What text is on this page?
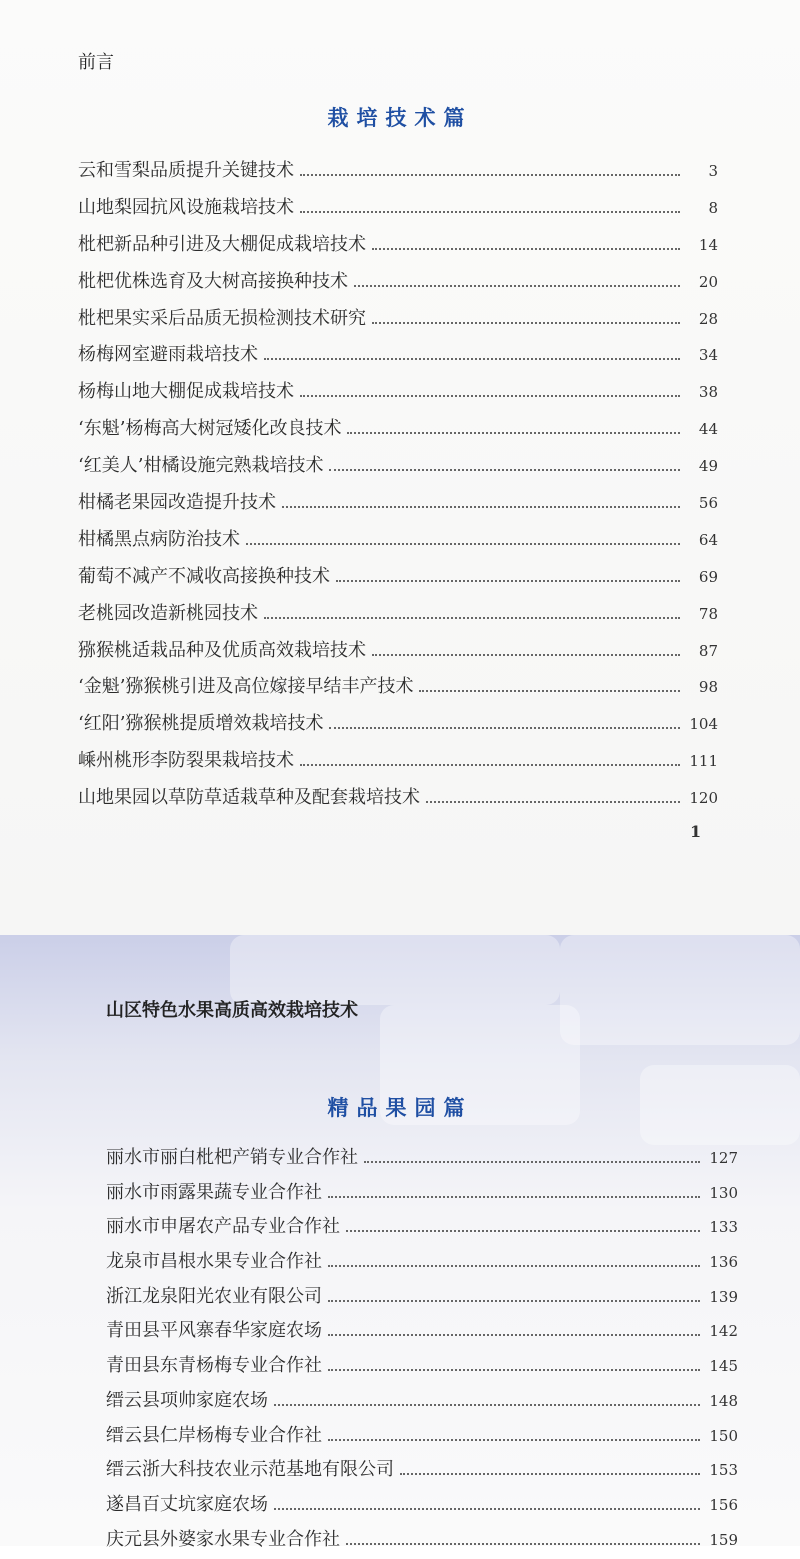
前言
栽培技术篇
云和雪梨品质提升关键技术	3
山地梨园抗风设施栽培技术	8
枇杷新品种引进及大棚促成栽培技术	14
枇杷优株选育及大树高接换种技术	20
枇杷果实采后品质无损检测技术研究	28
杨梅网室避雨栽培技术	34
杨梅山地大棚促成栽培技术	38
‘东魁’杨梅高大树冠矮化改良技术	44
‘红美人’柑橘设施完熟栽培技术	49
柑橘老果园改造提升技术	56
柑橘黑点病防治技术	64
葡萄不减产不减收高接换种技术	69
老桃园改造新桃园技术	78
猕猴桃适栽品种及优质高效栽培技术	87
‘金魁’猕猴桃引进及高位嫁接早结丰产技术	98
‘红阳’猕猴桃提质增效栽培技术	104
嵊州桃形李防裂果栽培技术	111
山地果园以草防草适栽草种及配套栽培技术	120
1
山区特色水果高质高效栽培技术
精品果园篇
丽水市丽白枇杷产销专业合作社	127
丽水市雨露果蔬专业合作社	130
丽水市申屠农产品专业合作社	133
龙泉市昌根水果专业合作社	136
浙江龙泉阳光农业有限公司	139
青田县平风寨春华家庭农场	142
青田县东青杨梅专业合作社	145
缙云县项帅家庭农场	148
缙云县仁岸杨梅专业合作社	150
缙云浙大科技农业示范基地有限公司	153
遂昌百丈坑家庭农场	156
庆元县外婆家水果专业合作社	159
